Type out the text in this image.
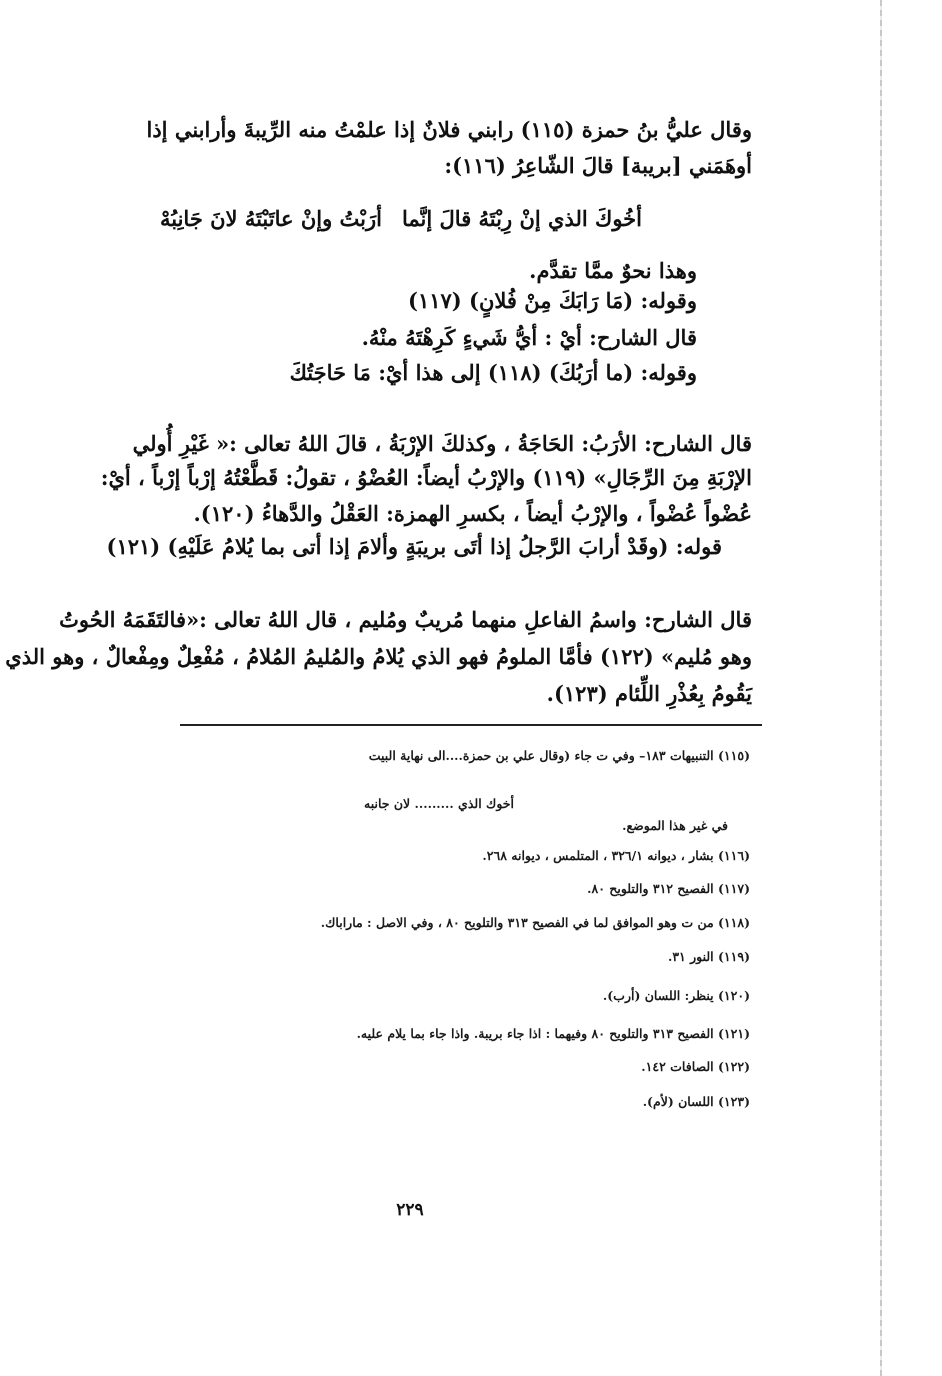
وقال عليُّ بنُ حمزة (١١٥) رابني فلانٌ إذا علمْتُ منه الرِّيبةَ وأرابني إذا
أوهَمَني [بريبة] قالَ الشّاعِرُ (١١٦):
أخُوكَ الذي إنْ رِبْتَهُ قالَ إنَّما
أرَبْتُ وإنْ عاتَبْتَهُ لانَ جَانِبُهْ
وهذا نحوٌ ممَّا تقدَّم.
وقوله: (مَا رَابَكَ مِنْ فُلانٍ) (١١٧)
قال الشارح: أيْ : أيُّ شَيءٍ كَرِهْتَهُ منْهُ.
وقوله: (ما أرَبُكَ) (١١٨) إلى هذا أيْ: مَا حَاجَتُكَ
قال الشارح: الأرَبُ: الحَاجَةُ ، وكذلكَ الإرْبَةُ ، قالَ اللهُ تعالى :« غَيْرِ أُولي
الإرْبَةِ مِنَ الرِّجَالِ» (١١٩) والإرْبُ أيضاً: العُضْوُ ، تقولُ: قَطَّعْتُهُ إرْباً إرْباً ، أيْ:
عُضْواً عُضْواً ، والإرْبُ أيضاً ، بكسرِ الهمزة: العَقْلُ والدَّهاءُ (١٢٠).
قوله: (وقَدْ أرابَ الرَّجلُ إذا أتَى بريبَةٍ وألامَ إذا أتى بما يُلامُ عَلَيْهِ) (١٢١)
قال الشارح: واسمُ الفاعلِ منهما مُريبٌ ومُليم ، قال اللهُ تعالى :«فالتَقَمَهُ الحُوتُ
وهو مُليم» (١٢٢) فأمَّا الملومُ فهو الذي يُلامُ والمُليمُ المُلامُ ، مُفْعِلٌ ومِفْعالٌ ، وهو الذي
يَقُومُ بِعُذْرِ اللِّئام (١٢٣).
(١١٥) التنبيهات ١٨٣– وفي ت جاء (وقال علي بن حمزة....الى نهاية البيت
أخوك الذي ......... لان جانبه
في غير هذا الموضع.
(١١٦) بشار ، ديوانه ٣٢٦/١ ، المتلمس ، ديوانه ٢٦٨.
(١١٧) الفصيح ٣١٢ والتلويح ٨٠.
(١١٨) من ت وهو الموافق لما في الفصيح ٣١٣ والتلويح ٨٠ ، وفي الاصل : ماراباك.
(١١٩) النور ٣١.
(١٢٠) ينظر: اللسان (أرب).
(١٢١) الفصيح ٣١٣ والتلويح ٨٠ وفيهما : اذا جاء بريبة. واذا جاء بما يلام عليه.
(١٢٢) الصافات ١٤٢.
(١٢٣) اللسان (لأم).
٢٢٩
